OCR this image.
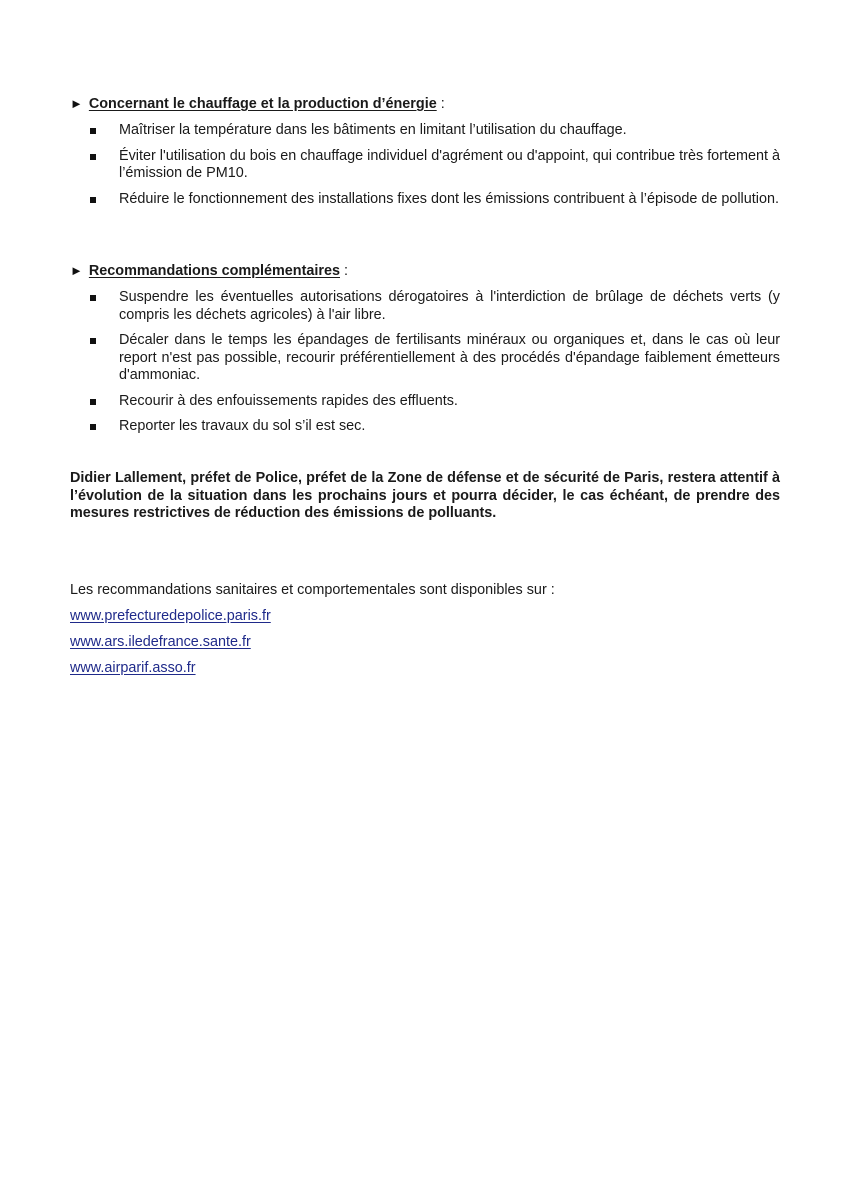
► Concernant le chauffage et la production d’énergie :
Maîtriser la température dans les bâtiments en limitant l’utilisation du chauffage.
Éviter l'utilisation du bois en chauffage individuel d'agrément ou d'appoint, qui contribue très fortement à l’émission de PM10.
Réduire le fonctionnement des installations fixes dont les émissions contribuent à l’épisode de pollution.
► Recommandations complémentaires :
Suspendre les éventuelles autorisations dérogatoires à l'interdiction de brûlage de déchets verts (y compris les déchets agricoles) à l'air libre.
Décaler dans le temps les épandages de fertilisants minéraux ou organiques et, dans le cas où leur report n'est pas possible, recourir préférentiellement à des procédés d'épandage faiblement émetteurs d'ammoniac.
Recourir à des enfouissements rapides des effluents.
Reporter les travaux du sol s’il est sec.

Didier Lallement, préfet de Police, préfet de la Zone de défense et de sécurité de Paris, restera attentif à l’évolution de la situation dans les prochains jours et pourra décider, le cas échéant, de prendre des mesures restrictives de réduction des émissions de polluants.

Les recommandations sanitaires et comportementales sont disponibles sur :
www.prefecturedepolice.paris.fr
www.ars.iledefrance.sante.fr
www.airparif.asso.fr
